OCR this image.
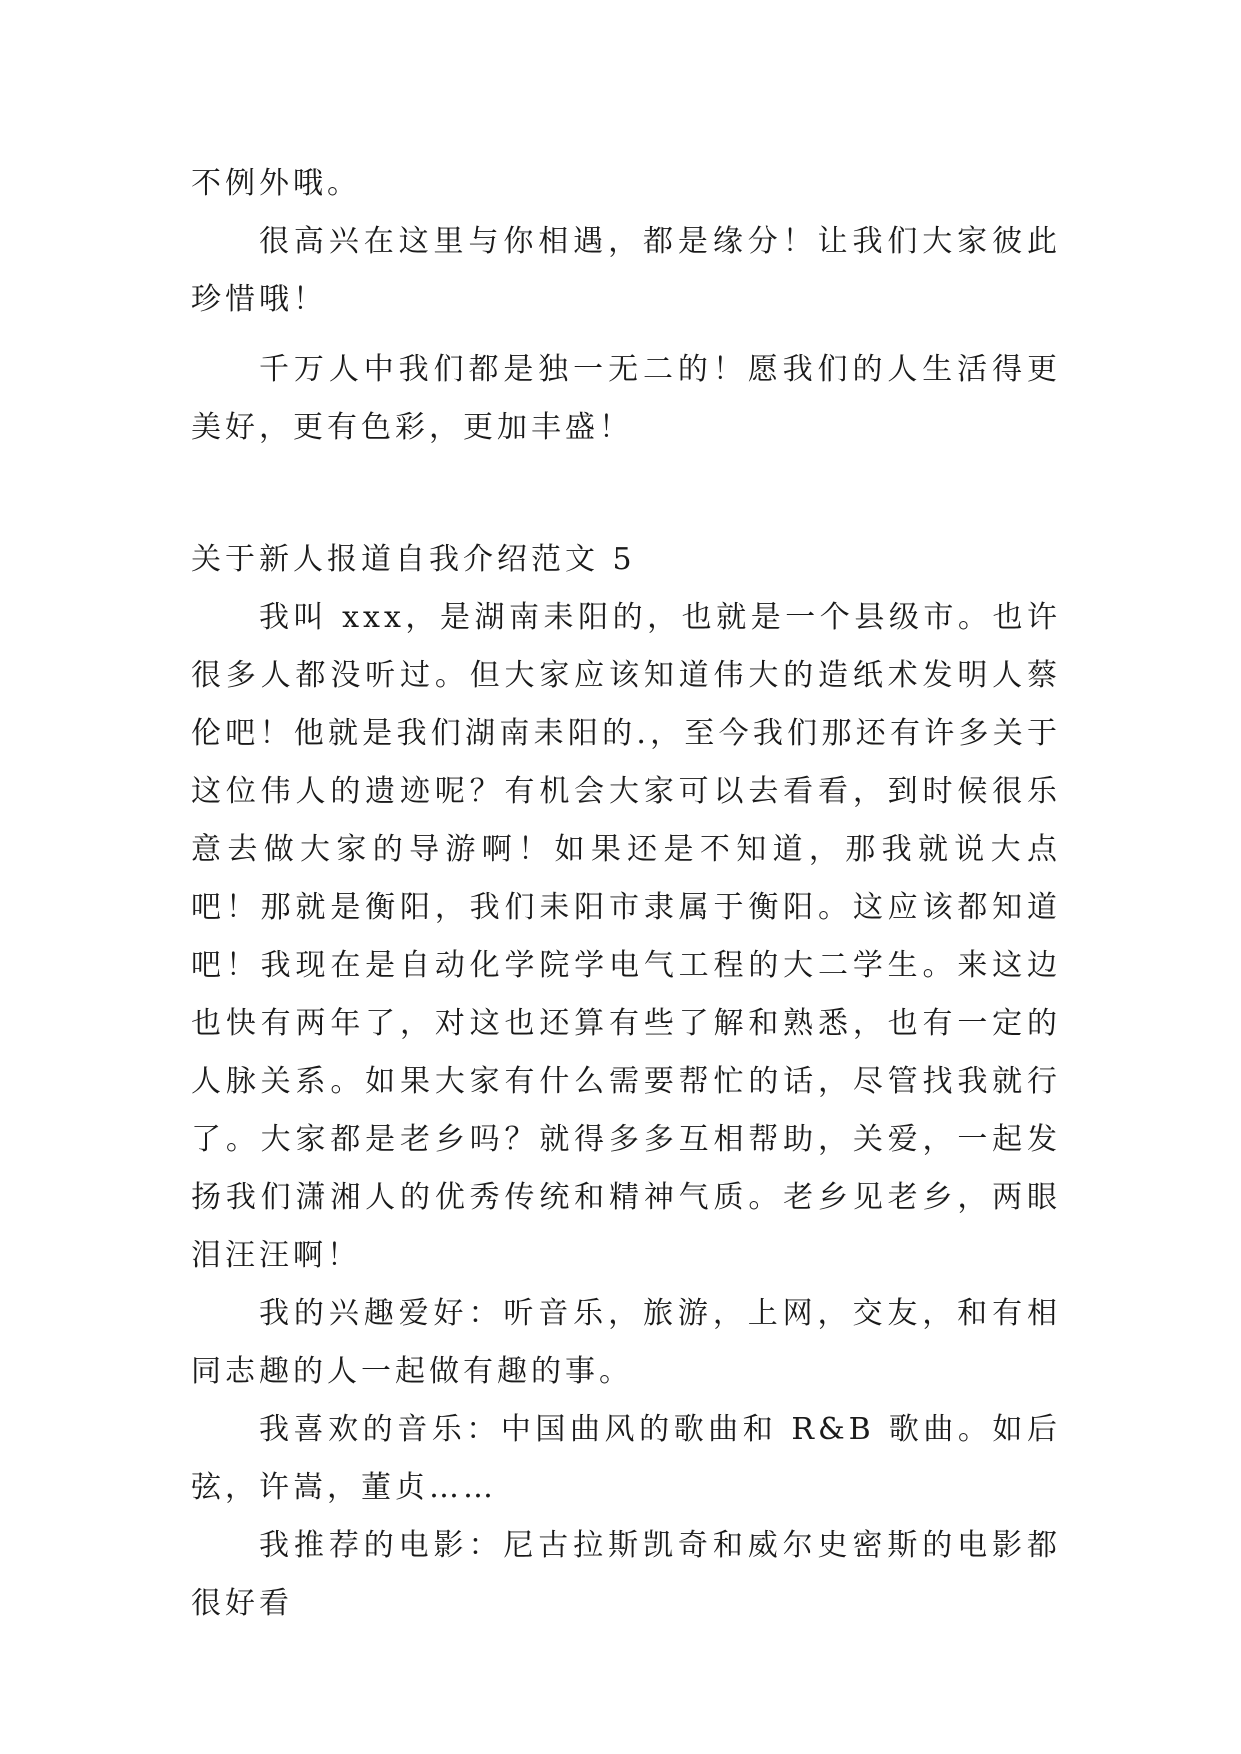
不例外哦。

很高兴在这里与你相遇，都是缘分！让我们大家彼此珍惜哦！

千万人中我们都是独一无二的！愿我们的人生活得更美好，更有色彩，更加丰盛！

关于新人报道自我介绍范文 5

我叫 xxx，是湖南耒阳的，也就是一个县级市。也许很多人都没听过。但大家应该知道伟大的造纸术发明人蔡伦吧！他就是我们湖南耒阳的.，至今我们那还有许多关于这位伟人的遗迹呢？有机会大家可以去看看，到时候很乐意去做大家的导游啊！如果还是不知道，那我就说大点吧！那就是衡阳，我们耒阳市隶属于衡阳。这应该都知道吧！我现在是自动化学院学电气工程的大二学生。来这边也快有两年了，对这也还算有些了解和熟悉，也有一定的人脉关系。如果大家有什么需要帮忙的话，尽管找我就行了。大家都是老乡吗？就得多多互相帮助，关爱，一起发扬我们潇湘人的优秀传统和精神气质。老乡见老乡，两眼泪汪汪啊！

我的兴趣爱好：听音乐，旅游，上网，交友，和有相同志趣的人一起做有趣的事。

我喜欢的音乐：中国曲风的歌曲和 R&B 歌曲。如后弦，许嵩，董贞……

我推荐的电影：尼古拉斯凯奇和威尔史密斯的电影都很好看
